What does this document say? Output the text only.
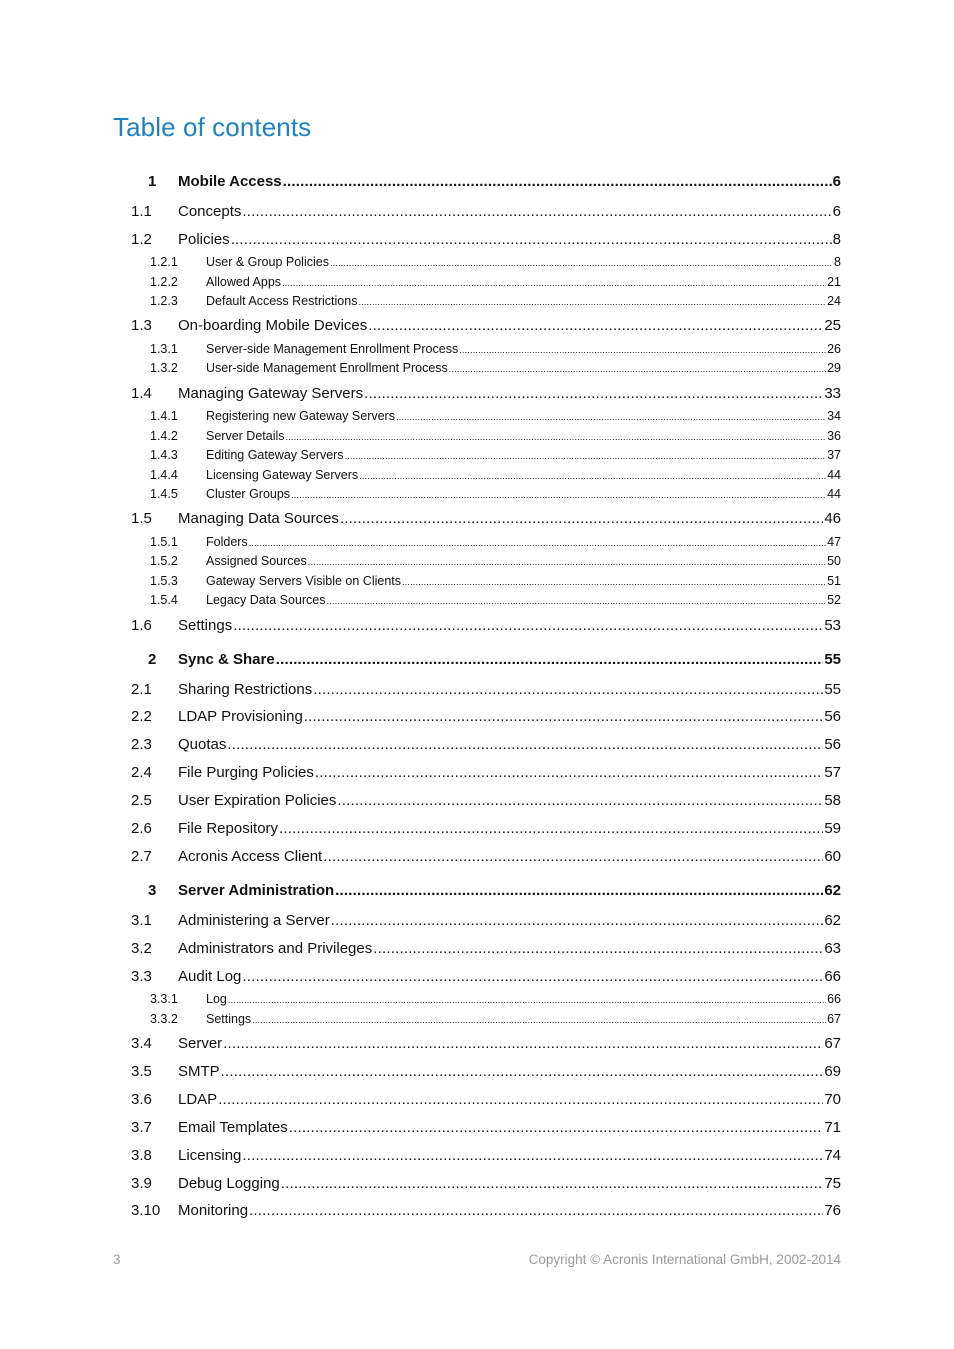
Table of contents
1 Mobile Access .....	6
1.1 Concepts .....	6
1.2 Policies .....	8
1.2.1 User & Group Policies .....	8
1.2.2 Allowed Apps .....	21
1.2.3 Default Access Restrictions .....	24
1.3 On-boarding Mobile Devices .....	25
1.3.1 Server-side Management Enrollment Process .....	26
1.3.2 User-side Management Enrollment Process .....	29
1.4 Managing Gateway Servers .....	33
1.4.1 Registering new Gateway Servers .....	34
1.4.2 Server Details .....	36
1.4.3 Editing Gateway Servers .....	37
1.4.4 Licensing Gateway Servers .....	44
1.4.5 Cluster Groups .....	44
1.5 Managing Data Sources .....	46
1.5.1 Folders .....	47
1.5.2 Assigned Sources .....	50
1.5.3 Gateway Servers Visible on Clients .....	51
1.5.4 Legacy Data Sources .....	52
1.6 Settings .....	53
2 Sync & Share .....	55
2.1 Sharing Restrictions .....	55
2.2 LDAP Provisioning .....	56
2.3 Quotas .....	56
2.4 File Purging Policies .....	57
2.5 User Expiration Policies .....	58
2.6 File Repository .....	59
2.7 Acronis Access Client .....	60
3 Server Administration .....	62
3.1 Administering a Server .....	62
3.2 Administrators and Privileges .....	63
3.3 Audit Log .....	66
3.3.1 Log .....	66
3.3.2 Settings .....	67
3.4 Server .....	67
3.5 SMTP .....	69
3.6 LDAP .....	70
3.7 Email Templates .....	71
3.8 Licensing .....	74
3.9 Debug Logging .....	75
3.10 Monitoring .....	76
3	Copyright © Acronis International GmbH, 2002-2014
